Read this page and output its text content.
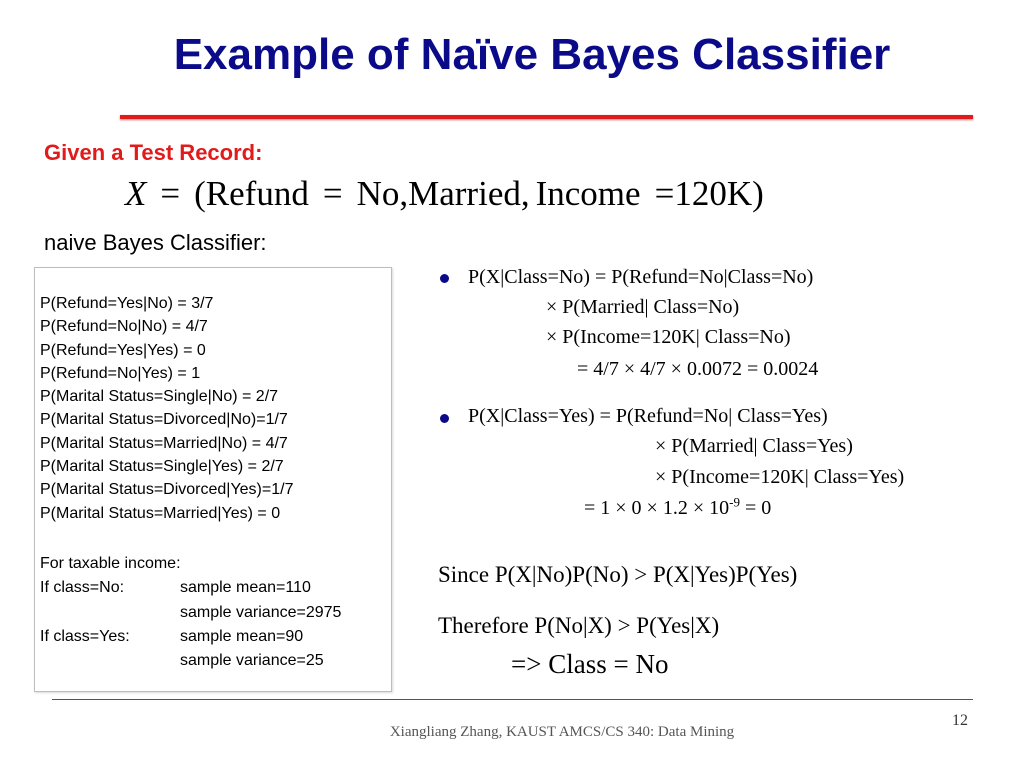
Example of Naïve Bayes Classifier
Given a Test Record:
X = (Refund = No,Married, Income =120K)
naive Bayes Classifier:
P(Refund=Yes|No) = 3/7
P(Refund=No|No) = 4/7
P(Refund=Yes|Yes) = 0
P(Refund=No|Yes) = 1
P(Marital Status=Single|No) = 2/7
P(Marital Status=Divorced|No)=1/7
P(Marital Status=Married|No) = 4/7
P(Marital Status=Single|Yes) = 2/7
P(Marital Status=Divorced|Yes)=1/7
P(Marital Status=Married|Yes) = 0
For taxable income:
If class=No:	sample mean=110
sample variance=2975
If class=Yes:	sample mean=90
sample variance=25
P(X|Class=No) = P(Refund=No|Class=No)
× P(Married| Class=No)
× P(Income=120K| Class=No)
= 4/7 × 4/7 × 0.0072 = 0.0024
P(X|Class=Yes) = P(Refund=No| Class=Yes)
× P(Married| Class=Yes)
× P(Income=120K| Class=Yes)
= $1 \times 0 \times 1.2 \times 10^{-9} = 0$
Since P(X|No)P(No) > P(X|Yes)P(Yes)
Therefore P(No|X) > P(Yes|X)
=> Class = No
12
Xiangliang Zhang, KAUST AMCS/CS 340: Data Mining
